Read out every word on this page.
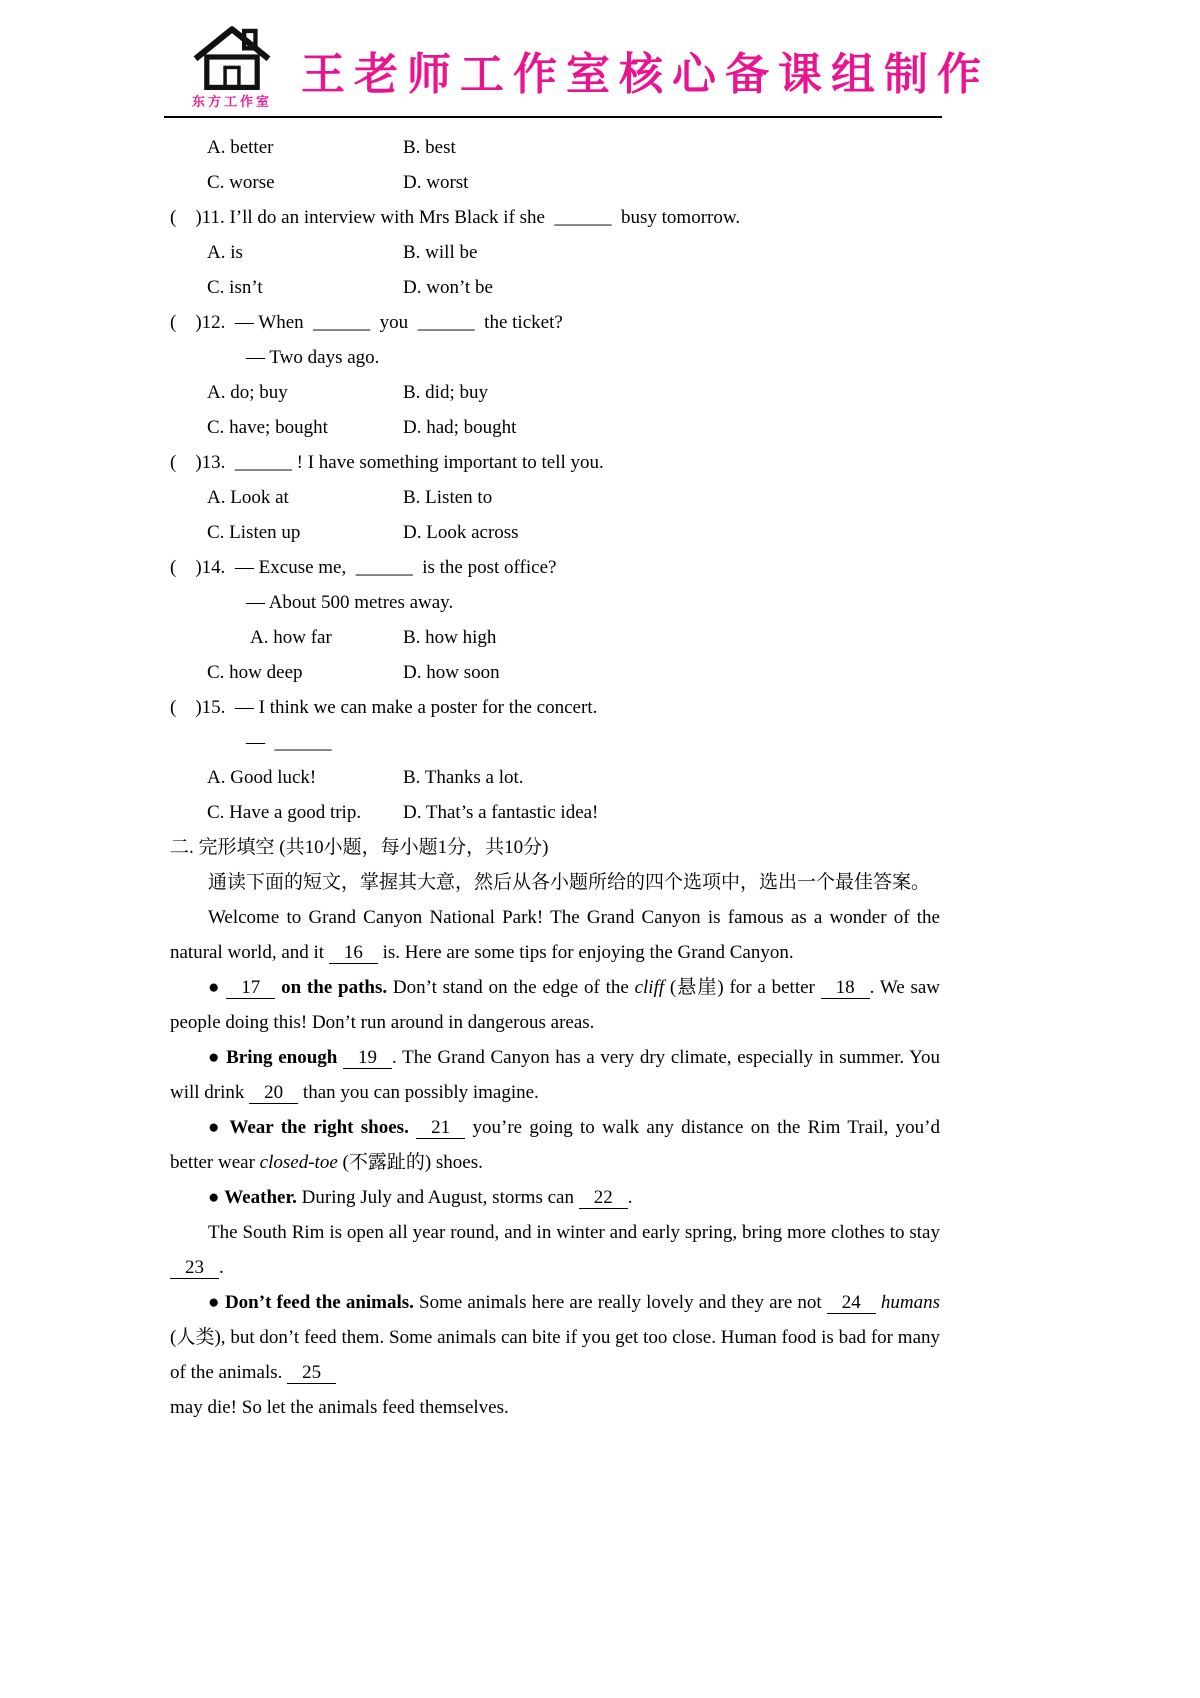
东方工作室
王老师工作室核心备课组制作
A. better	B. best
C. worse	D. worst
(    )11. I’ll do an interview with Mrs Black if she  ______  busy tomorrow.
A. is	B. will be
C. isn’t	D. won’t be
(    )12.  — When  ______  you  ______  the ticket?
— Two days ago.
A. do; buy	B. did; buy
C. have; bought	D. had; bought
(    )13.  ______ ! I have something important to tell you.
A. Look at	B. Listen to
C. Listen up	D. Look across
(    )14.  — Excuse me,  ______  is the post office?
— About 500 metres away.
A. how far	B. how high
C. how deep	D. how soon
(    )15.  — I think we can make a poster for the concert.
—  ______
A. Good luck!	B. Thanks a lot.
C. Have a good trip. D. That’s a fantastic idea!
二. 完形填空 (共10小题，每小题1分，共10分)
通读下面的短文，掌握其大意，然后从各小题所给的四个选项中，选出一个最佳答案。

Welcome to Grand Canyon National Park! The Grand Canyon is famous as a wonder of the natural world, and it 16 is. Here are some tips for enjoying the Grand Canyon.

● 17 on the paths. Don’t stand on the edge of the cliff (悬崖) for a better 18 . We saw people doing this! Don’t run around in dangerous areas.

● Bring enough 19 . The Grand Canyon has a very dry climate, especially in summer. You will drink 20 than you can possibly imagine.

● Wear the right shoes. 21 you’re going to walk any distance on the Rim Trail, you’d better wear closed-toe (不露趾的) shoes.

● Weather. During July and August, storms can 22 .

The South Rim is open all year round, and in winter and early spring, bring more clothes to stay 23 .

● Don’t feed the animals. Some animals here are really lovely and they are not 24 humans (人类), but don’t feed them. Some animals can bite if you get too close. Human food is bad for many of the animals. 25

may die! So let the animals feed themselves.
